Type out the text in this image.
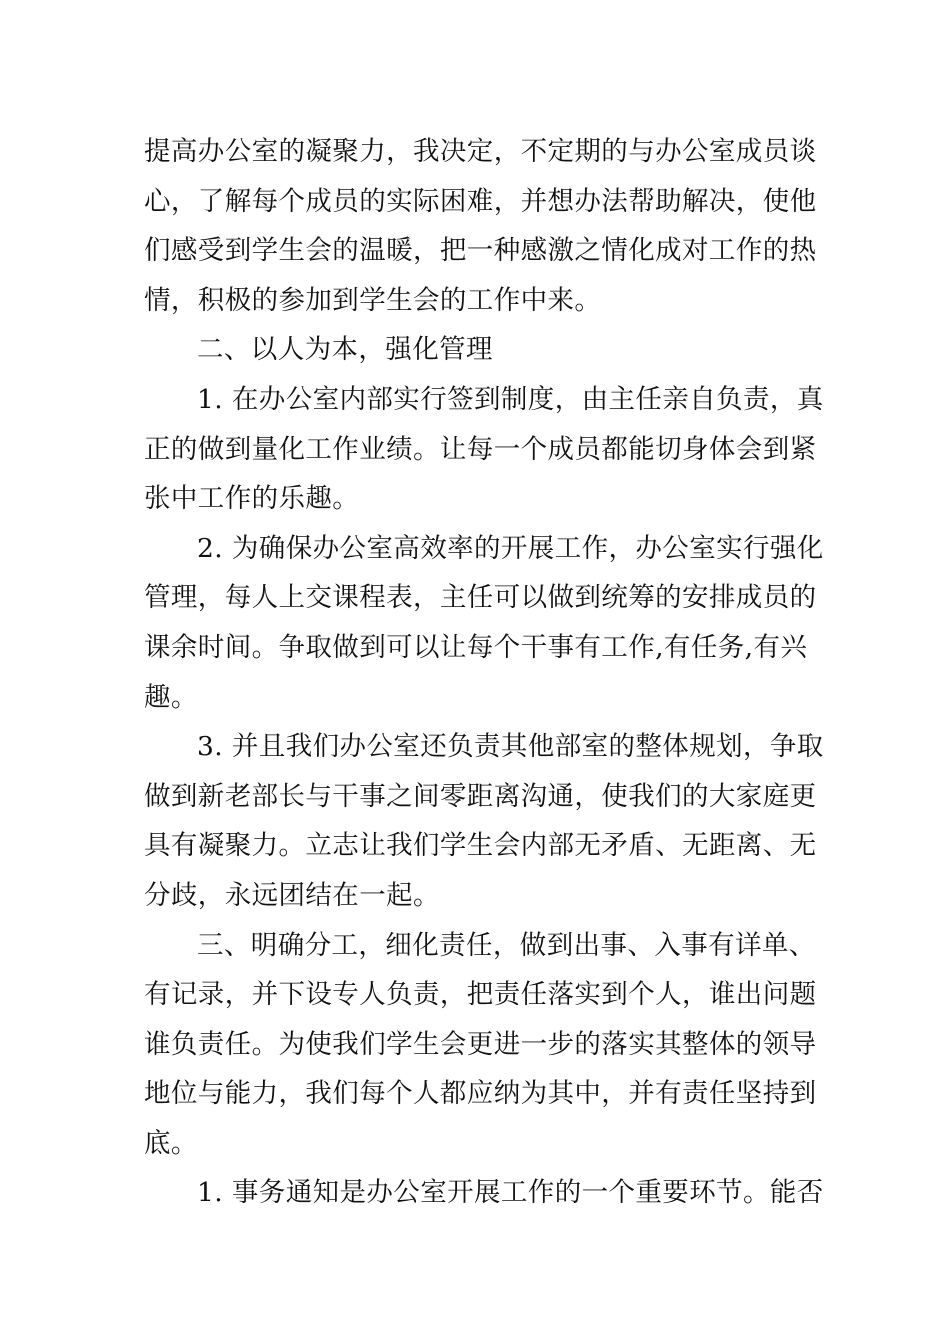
提高办公室的凝聚力，我决定，不定期的与办公室成员谈
心，了解每个成员的实际困难，并想办法帮助解决，使他
们感受到学生会的温暖，把一种感激之情化成对工作的热
情，积极的参加到学生会的工作中来。
二、以人为本，强化管理
1. 在办公室内部实行签到制度，由主任亲自负责，真
正的做到量化工作业绩。让每一个成员都能切身体会到紧
张中工作的乐趣。
2. 为确保办公室高效率的开展工作，办公室实行强化
管理，每人上交课程表，主任可以做到统筹的安排成员的
课余时间。争取做到可以让每个干事有工作,有任务,有兴
趣。
3. 并且我们办公室还负责其他部室的整体规划，争取
做到新老部长与干事之间零距离沟通，使我们的大家庭更
具有凝聚力。立志让我们学生会内部无矛盾、无距离、无
分歧，永远团结在一起。
三、明确分工，细化责任，做到出事、入事有详单、
有记录，并下设专人负责，把责任落实到个人，谁出问题
谁负责任。为使我们学生会更进一步的落实其整体的领导
地位与能力，我们每个人都应纳为其中，并有责任坚持到
底。
1. 事务通知是办公室开展工作的一个重要环节。能否
